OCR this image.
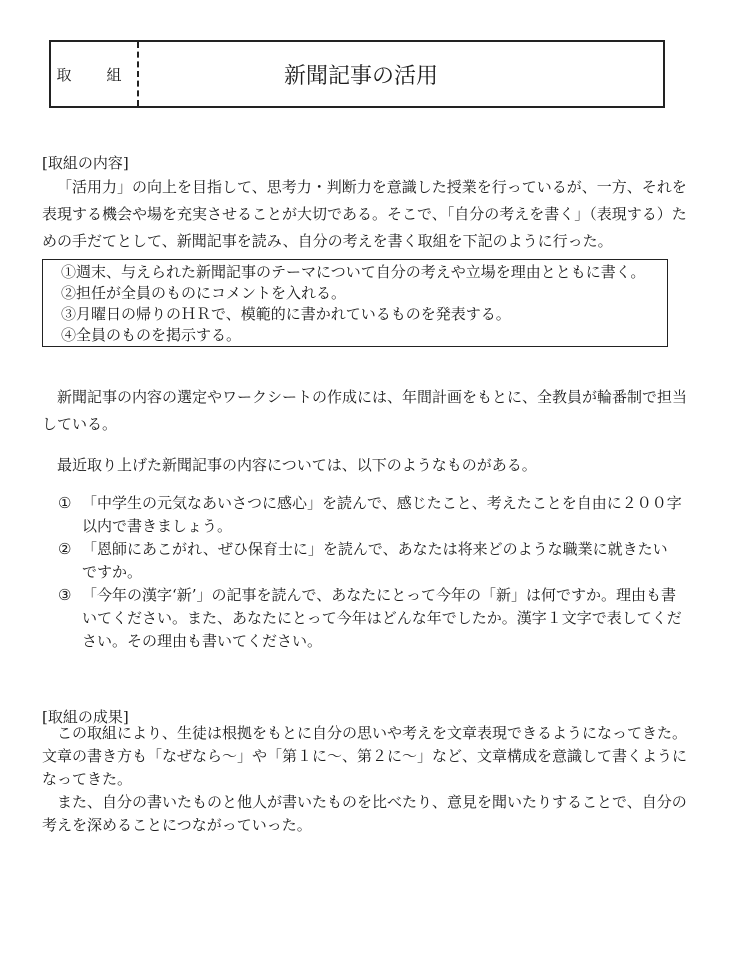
取　組	新聞記事の活用
[取組の内容]
「活用力」の向上を目指して、思考力・判断力を意識した授業を行っているが、一方、それを表現する機会や場を充実させることが大切である。そこで、「自分の考えを書く」（表現する）ための手だてとして、新聞記事を読み、自分の考えを書く取組を下記のように行った。
①週末、与えられた新聞記事のテーマについて自分の考えや立場を理由とともに書く。
②担任が全員のものにコメントを入れる。
③月曜日の帰りのＨＲで、模範的に書かれているものを発表する。
④全員のものを掲示する。
新聞記事の内容の選定やワークシートの作成には、年間計画をもとに、全教員が輪番制で担当している。
最近取り上げた新聞記事の内容については、以下のようなものがある。
① 「中学生の元気なあいさつに感心」を読んで、感じたこと、考えたことを自由に２００字以内で書きましょう。
② 「恩師にあこがれ、ぜひ保育士に」を読んで、あなたは将来どのような職業に就きたいですか。
③ 「今年の漢字‘新’」の記事を読んで、あなたにとって今年の「新」は何ですか。理由も書いてください。また、あなたにとって今年はどんな年でしたか。漢字１文字で表してください。その理由も書いてください。
[取組の成果]
この取組により、生徒は根拠をもとに自分の思いや考えを文章表現できるようになってきた。文章の書き方も「なぜなら～」や「第１に～、第２に～」など、文章構成を意識して書くようになってきた。
また、自分の書いたものと他人が書いたものを比べたり、意見を聞いたりすることで、自分の考えを深めることにつながっていった。
